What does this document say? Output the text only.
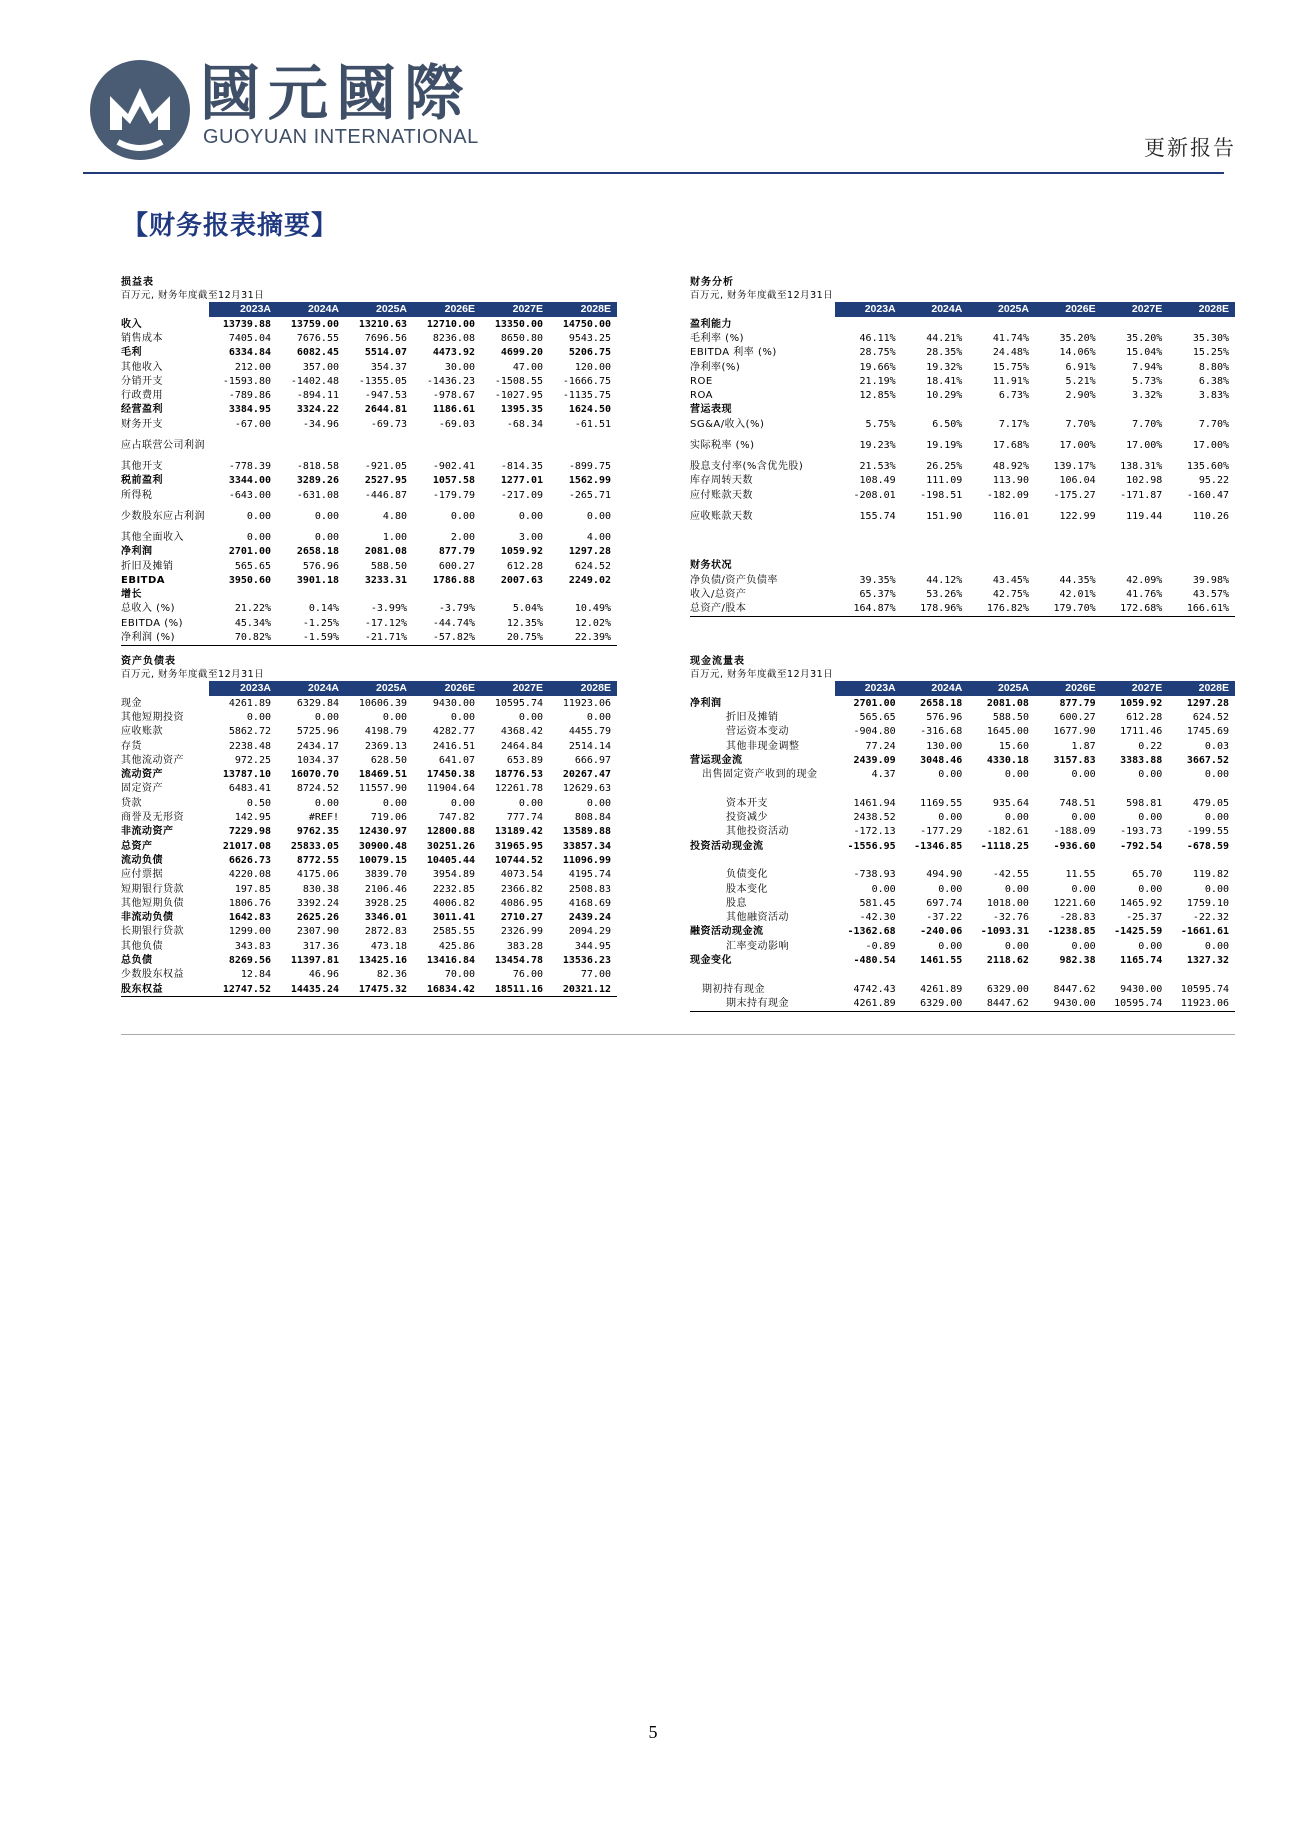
國元國際
GUOYUAN INTERNATIONAL	更新报告
【财务报表摘要】
损益表
百万元, 财务年度截至12月31日
	2023A	2024A	2025A	2026E	2027E	2028E
收入	13739.88	13759.00	13210.63	12710.00	13350.00	14750.00
销售成本	7405.04	7676.55	7696.56	8236.08	8650.80	9543.25
毛利	6334.84	6082.45	5514.07	4473.92	4699.20	5206.75
其他收入	212.00	357.00	354.37	30.00	47.00	120.00
分销开支	-1593.80	-1402.48	-1355.05	-1436.23	-1508.55	-1666.75
行政费用	-789.86	-894.11	-947.53	-978.67	-1027.95	-1135.75
经营盈利	3384.95	3324.22	2644.81	1186.61	1395.35	1624.50
财务开支	-67.00	-34.96	-69.73	-69.03	-68.34	-61.51
应占联营公司利润						
其他开支	-778.39	-818.58	-921.05	-902.41	-814.35	-899.75
税前盈利	3344.00	3289.26	2527.95	1057.58	1277.01	1562.99
所得税	-643.00	-631.08	-446.87	-179.79	-217.09	-265.71
少数股东应占利润	0.00	0.00	4.80	0.00	0.00	0.00
其他全面收入	0.00	0.00	1.00	2.00	3.00	4.00
净利润	2701.00	2658.18	2081.08	877.79	1059.92	1297.28
折旧及摊销	565.65	576.96	588.50	600.27	612.28	624.52
EBITDA	3950.60	3901.18	3233.31	1786.88	2007.63	2249.02
增长						
总收入 (%)	21.22%	0.14%	-3.99%	-3.79%	5.04%	10.49%
EBITDA (%)	45.34%	-1.25%	-17.12%	-44.74%	12.35%	12.02%
净利润 (%)	70.82%	-1.59%	-21.71%	-57.82%	20.75%	22.39%
资产负债表
百万元, 财务年度截至12月31日
	2023A	2024A	2025A	2026E	2027E	2028E
现金	4261.89	6329.84	10606.39	9430.00	10595.74	11923.06
其他短期投资	0.00	0.00	0.00	0.00	0.00	0.00
应收账款	5862.72	5725.96	4198.79	4282.77	4368.42	4455.79
存货	2238.48	2434.17	2369.13	2416.51	2464.84	2514.14
其他流动资产	972.25	1034.37	628.50	641.07	653.89	666.97
流动资产	13787.10	16070.70	18469.51	17450.38	18776.53	20267.47
固定资产	6483.41	8724.52	11557.90	11904.64	12261.78	12629.63
贷款	0.50	0.00	0.00	0.00	0.00	0.00
商誉及无形资	142.95	#REF!	719.06	747.82	777.74	808.84
非流动资产	7229.98	9762.35	12430.97	12800.88	13189.42	13589.88
总资产	21017.08	25833.05	30900.48	30251.26	31965.95	33857.34
流动负债	6626.73	8772.55	10079.15	10405.44	10744.52	11096.99
应付票据	4220.08	4175.06	3839.70	3954.89	4073.54	4195.74
短期银行贷款	197.85	830.38	2106.46	2232.85	2366.82	2508.83
其他短期负债	1806.76	3392.24	3928.25	4006.82	4086.95	4168.69
非流动负债	1642.83	2625.26	3346.01	3011.41	2710.27	2439.24
长期银行贷款	1299.00	2307.90	2872.83	2585.55	2326.99	2094.29
其他负债	343.83	317.36	473.18	425.86	383.28	344.95
总负债	8269.56	11397.81	13425.16	13416.84	13454.78	13536.23
少数股东权益	12.84	46.96	82.36	70.00	76.00	77.00
股东权益	12747.52	14435.24	17475.32	16834.42	18511.16	20321.12
财务分析
百万元, 财务年度截至12月31日
	2023A	2024A	2025A	2026E	2027E	2028E
盈利能力						
毛利率 (%)	46.11%	44.21%	41.74%	35.20%	35.20%	35.30%
EBITDA 利率 (%)	28.75%	28.35%	24.48%	14.06%	15.04%	15.25%
净利率(%)	19.66%	19.32%	15.75%	6.91%	7.94%	8.80%
ROE	21.19%	18.41%	11.91%	5.21%	5.73%	6.38%
ROA	12.85%	10.29%	6.73%	2.90%	3.32%	3.83%
营运表现						
SG&A/收入(%)	5.75%	6.50%	7.17%	7.70%	7.70%	7.70%
实际税率 (%)	19.23%	19.19%	17.68%	17.00%	17.00%	17.00%
股息支付率(%含优先股)	21.53%	26.25%	48.92%	139.17%	138.31%	135.60%
库存周转天数	108.49	111.09	113.90	106.04	102.98	95.22
应付账款天数	-208.01	-198.51	-182.09	-175.27	-171.87	-160.47
应收账款天数	155.74	151.90	116.01	122.99	119.44	110.26

财务状况						
净负债/资产负债率	39.35%	44.12%	43.45%	44.35%	42.09%	39.98%
收入/总资产	65.37%	53.26%	42.75%	42.01%	41.76%	43.57%
总资产/股本	164.87%	178.96%	176.82%	179.70%	172.68%	166.61%
现金流量表
百万元, 财务年度截至12月31日
	2023A	2024A	2025A	2026E	2027E	2028E
净利润	2701.00	2658.18	2081.08	877.79	1059.92	1297.28
折旧及摊销	565.65	576.96	588.50	600.27	612.28	624.52
营运资本变动	-904.80	-316.68	1645.00	1677.90	1711.46	1745.69
其他非现金调整	77.24	130.00	15.60	1.87	0.22	0.03
营运现金流	2439.09	3048.46	4330.18	3157.83	3383.88	3667.52
出售固定资产收到的现金	4.37	0.00	0.00	0.00	0.00	0.00

资本开支	1461.94	1169.55	935.64	748.51	598.81	479.05
投资减少	2438.52	0.00	0.00	0.00	0.00	0.00
其他投资活动	-172.13	-177.29	-182.61	-188.09	-193.73	-199.55
投资活动现金流	-1556.95	-1346.85	-1118.25	-936.60	-792.54	-678.59

负债变化	-738.93	494.90	-42.55	11.55	65.70	119.82
股本变化	0.00	0.00	0.00	0.00	0.00	0.00
股息	581.45	697.74	1018.00	1221.60	1465.92	1759.10
其他融资活动	-42.30	-37.22	-32.76	-28.83	-25.37	-22.32
融资活动现金流	-1362.68	-240.06	-1093.31	-1238.85	-1425.59	-1661.61
汇率变动影响	-0.89	0.00	0.00	0.00	0.00	0.00
现金变化	-480.54	1461.55	2118.62	982.38	1165.74	1327.32

期初持有现金	4742.43	4261.89	6329.00	8447.62	9430.00	10595.74
期末持有现金	4261.89	6329.00	8447.62	9430.00	10595.74	11923.06
5
